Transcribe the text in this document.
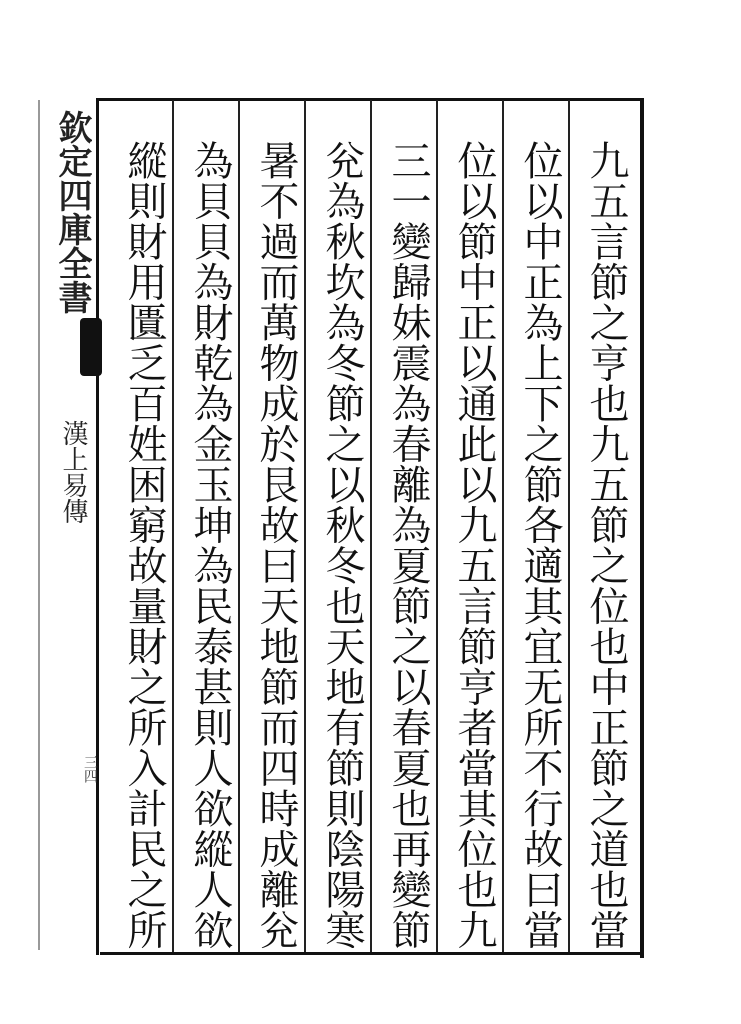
欽定四庫全書
漢上易傳
三四	九五言節之亨也九五節之位也中正節之道也當
位以中正為上下之節各適其宜无所不行故曰當
位以節中正以通此以九五言節亨者當其位也九
三一變歸妹震為春離為夏節之以春夏也再變節
兊為秋坎為冬節之以秋冬也天地有節則陰陽寒
暑不過而萬物成於艮故曰天地節而四時成離兊
為貝貝為財乾為金玉坤為民泰甚則人欲縱人欲
縱則財用匱乏百姓困窮故量財之所入計民之所
